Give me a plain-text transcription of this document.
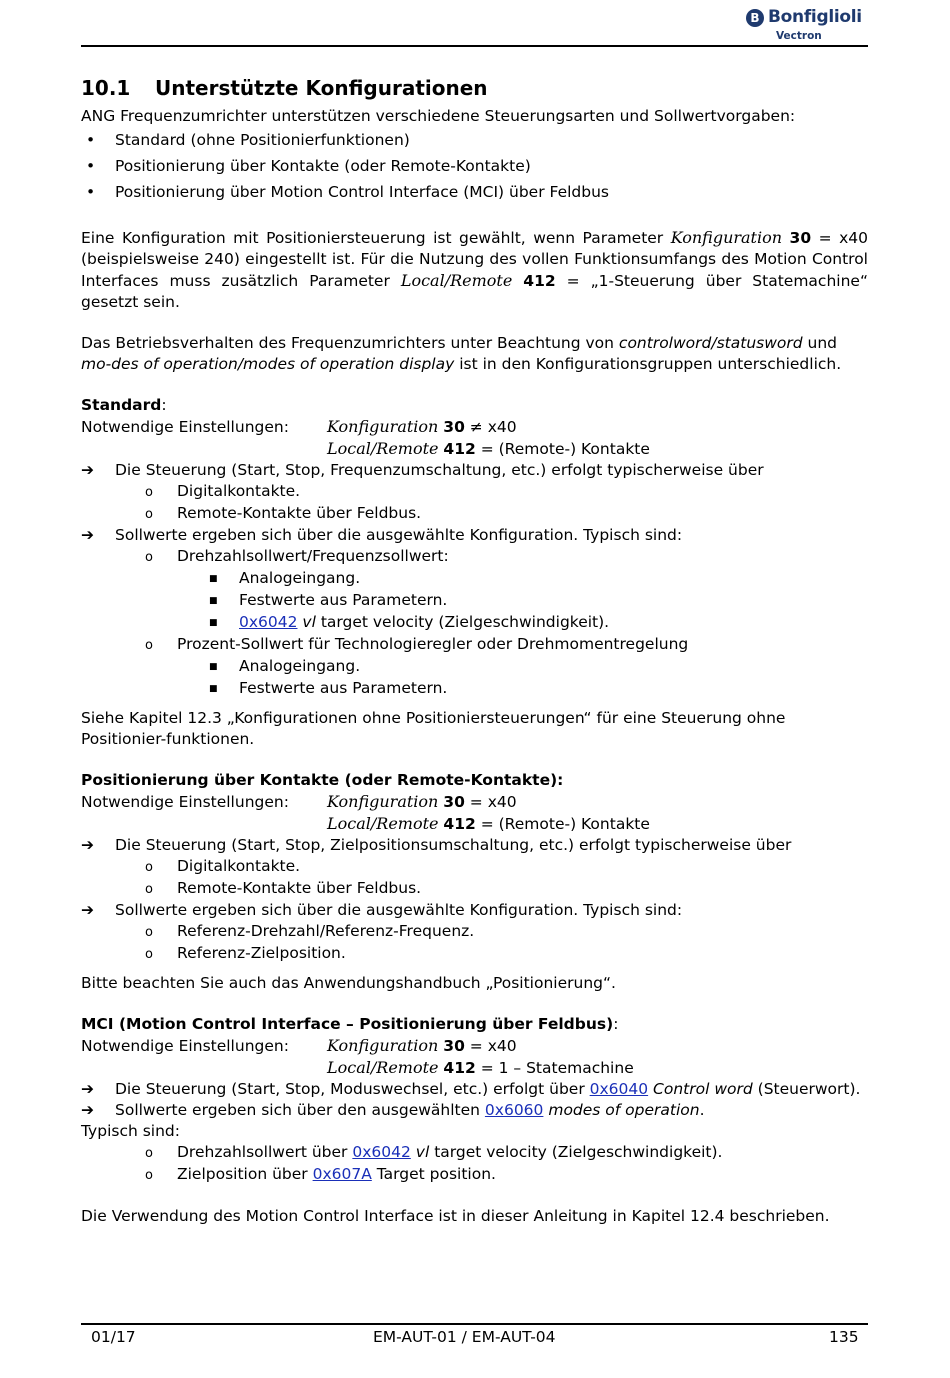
B Bonfiglioli
Vectron
10.1 Unterstützte Konfigurationen

ANG Frequenzumrichter unterstützen verschiedene Steuerungsarten und Sollwertvorgaben:

• Standard (ohne Positionierfunktionen)
• Positionierung über Kontakte (oder Remote-Kontakte)
• Positionierung über Motion Control Interface (MCI) über Feldbus

Eine Konfiguration mit Positioniersteuerung ist gewählt, wenn Parameter Konfiguration 30 = x40 (beispielsweise 240) eingestellt ist. Für die Nutzung des vollen Funktionsumfangs des Motion Control Interfaces muss zusätzlich Parameter Local/Remote 412 = „1-Steuerung über Statemachine“ gesetzt sein.

Das Betriebsverhalten des Frequenzumrichters unter Beachtung von controlword/statusword und mo-des of operation/modes of operation display ist in den Konfigurationsgruppen unterschiedlich.

Standard:

Notwendige Einstellungen: Konfiguration 30 ≠ x40
Local/Remote 412 = (Remote-) Kontakte
➔ Die Steuerung (Start, Stop, Frequenzumschaltung, etc.) erfolgt typischerweise über
o Digitalkontakte.
o Remote-Kontakte über Feldbus.
➔ Sollwerte ergeben sich über die ausgewählte Konfiguration. Typisch sind:
o Drehzahlsollwert/Frequenzsollwert:
■ Analogeingang.
■ Festwerte aus Parametern.
■ 0x6042 vl target velocity (Zielgeschwindigkeit).
o Prozent-Sollwert für Technologieregler oder Drehmomentregelung
■ Analogeingang.
■ Festwerte aus Parametern.

Siehe Kapitel 12.3 „Konfigurationen ohne Positioniersteuerungen“ für eine Steuerung ohne Positionier-funktionen.

Positionierung über Kontakte (oder Remote-Kontakte):

Notwendige Einstellungen: Konfiguration 30 = x40
Local/Remote 412 = (Remote-) Kontakte
➔ Die Steuerung (Start, Stop, Zielpositionsumschaltung, etc.) erfolgt typischerweise über
o Digitalkontakte.
o Remote-Kontakte über Feldbus.
➔ Sollwerte ergeben sich über die ausgewählte Konfiguration. Typisch sind:
o Referenz-Drehzahl/Referenz-Frequenz.
o Referenz-Zielposition.

Bitte beachten Sie auch das Anwendungshandbuch „Positionierung“.

MCI (Motion Control Interface – Positionierung über Feldbus):

Notwendige Einstellungen: Konfiguration 30 = x40
Local/Remote 412 = 1 – Statemachine
➔ Die Steuerung (Start, Stop, Moduswechsel, etc.) erfolgt über 0x6040 Control word (Steuerwort).
➔ Sollwerte ergeben sich über den ausgewählten 0x6060 modes of operation.
Typisch sind:
o Drehzahlsollwert über 0x6042 vl target velocity (Zielgeschwindigkeit).
o Zielposition über 0x607A Target position.

Die Verwendung des Motion Control Interface ist in dieser Anleitung in Kapitel 12.4 beschrieben.

01/17	EM-AUT-01 / EM-AUT-04	135
